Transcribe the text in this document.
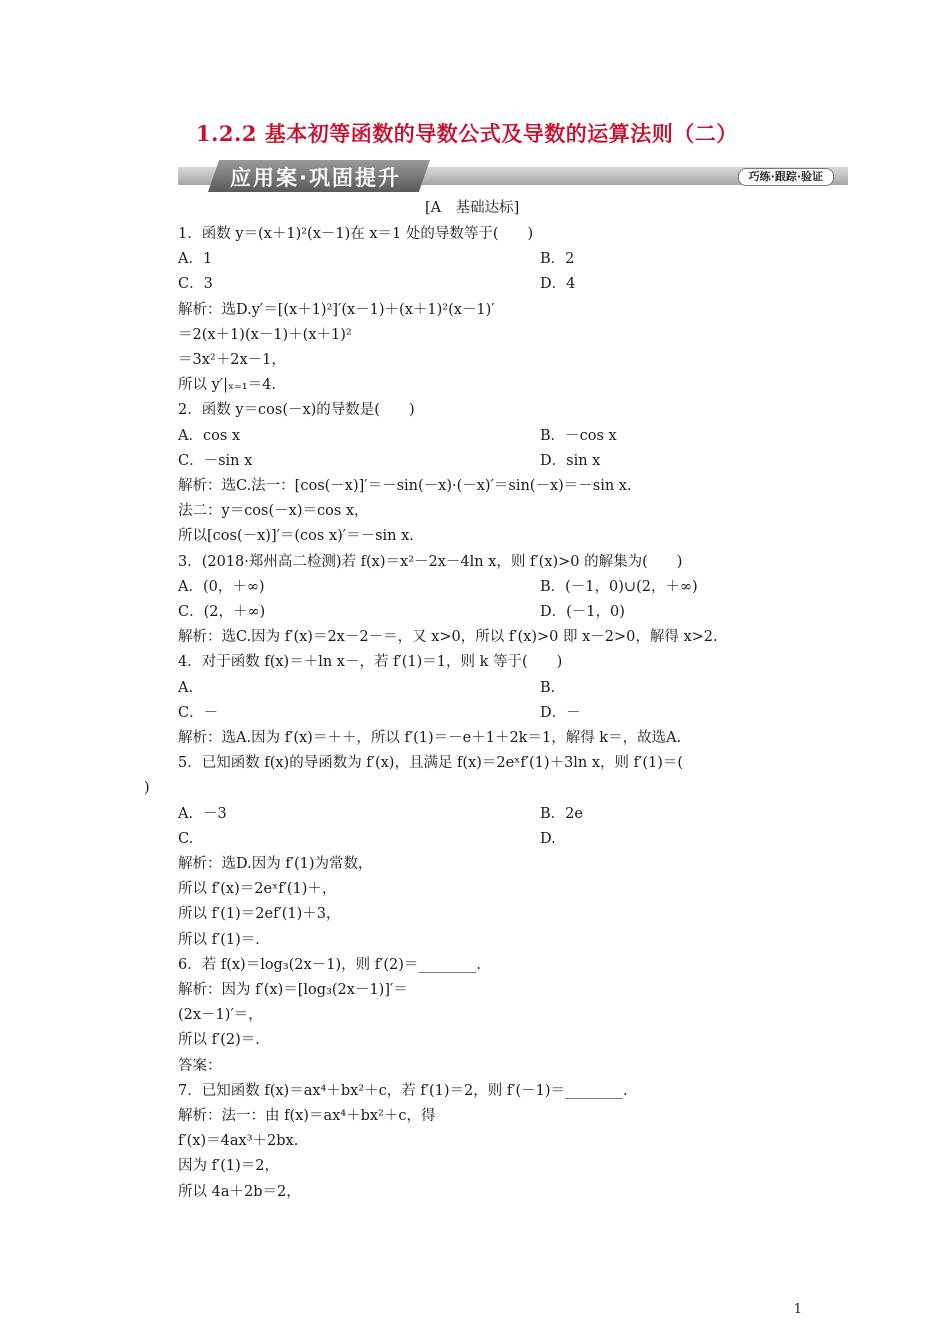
1.2.2 基本初等函数的导数公式及导数的运算法则（二）
应用案·巩固提升	巧练·跟踪·验证
[A　基础达标]
1．函数 y＝(x＋1)²(x－1)在 x＝1 处的导数等于(　　)
A．1	B．2
C．3	D．4
解析：选D.y′＝[(x＋1)²]′(x－1)＋(x＋1)²(x－1)′
＝2(x＋1)(x－1)＋(x＋1)²
＝3x²＋2x－1，
所以 y′|ₓ₌₁＝4.
2．函数 y＝cos(－x)的导数是(　　)
A．cos x	B．－cos x
C．－sin x	D．sin x
解析：选C.法一：[cos(－x)]′＝－sin(－x)·(－x)′＝sin(－x)＝－sin x.
法二：y＝cos(－x)＝cos x，
所以[cos(－x)]′＝(cos x)′＝－sin x.
3．(2018·郑州高二检测)若 f(x)＝x²－2x－4ln x，则 f′(x)>0 的解集为(　　)
A．(0，＋∞)	B．(－1，0)∪(2，＋∞)
C．(2，＋∞)	D．(－1，0)
解析：选C.因为 f′(x)＝2x－2－＝，又 x>0，所以 f′(x)>0 即 x－2>0，解得 x>2.
4．对于函数 f(x)＝＋ln x－，若 f′(1)＝1，则 k 等于(　　)
A.	B.
C．－	D．－
解析：选A.因为 f′(x)＝＋＋，所以 f′(1)＝－e＋1＋2k＝1，解得 k＝，故选A.
5．已知函数 f(x)的导函数为 f′(x)，且满足 f(x)＝2eˣf′(1)＋3ln x，则 f′(1)＝(
)
A．－3	B．2e
C.	D.
解析：选D.因为 f′(1)为常数，
所以 f′(x)＝2eˣf′(1)＋，
所以 f′(1)＝2ef′(1)＋3，
所以 f′(1)＝.
6．若 f(x)＝log₃(2x－1)，则 f′(2)＝________.
解析：因为 f′(x)＝[log₃(2x－1)]′＝
(2x－1)′＝，
所以 f′(2)＝.
答案：
7．已知函数 f(x)＝ax⁴＋bx²＋c，若 f′(1)＝2，则 f′(－1)＝________.
解析：法一：由 f(x)＝ax⁴＋bx²＋c，得
f′(x)＝4ax³＋2bx.
因为 f′(1)＝2，
所以 4a＋2b＝2，
1
